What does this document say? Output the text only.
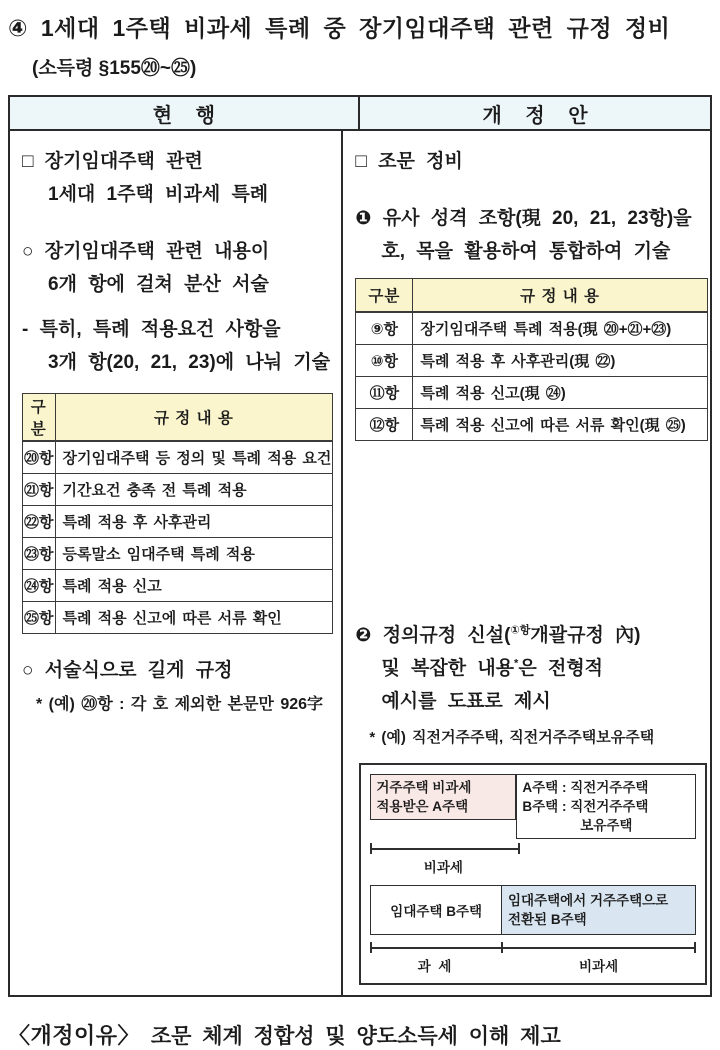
④ 1세대 1주택 비과세 특례 중 장기임대주택 관련 규정 정비
(소득령 §155⑳~㉕)
현 행	개 정 안
□ 장기임대주택 관련
1세대 1주택 비과세 특례
○ 장기임대주택 관련 내용이
6개 항에 걸쳐 분산 서술
- 특히, 특례 적용요건 사항을
3개 항(20, 21, 23)에 나눠 기술
구분	규 정 내 용
⑳항	장기임대주택 등 정의 및 특례 적용 요건
㉑항	기간요건 충족 전 특례 적용
㉒항	특례 적용 후 사후관리
㉓항	등록말소 임대주택 특례 적용
㉔항	특례 적용 신고
㉕항	특례 적용 신고에 따른 서류 확인
○ 서술식으로 길게 규정
* (예) ⑳항 : 각 호 제외한 본문만 926字
□ 조문 정비
❶ 유사 성격 조항(現 20, 21, 23항)을
호, 목을 활용하여 통합하여 기술
구분	규 정 내 용
⑨항	장기임대주택 특례 적용(現 ⑳+㉑+㉓)
⑩항	특례 적용 후 사후관리(現 ㉒)
⑪항	특례 적용 신고(現 ㉔)
⑫항	특례 적용 신고에 따른 서류 확인(現 ㉕)
❷ 정의규정 신설($^{①항}$개괄규정 內)
및 복잡한 내용*은 전형적
예시를 도표로 제시
* (예) 직전거주주택, 직전거주주택보유주택
거주주택 비과세
적용받은 A주택
A주택 : 직전거주주택
B주택 : 직전거주주택
보유주택
비과세
임대주택 B주택
임대주택에서 거주주택으로
전환된 B주택
과 세	비과세
〈개정이유〉 조문 체계 정합성 및 양도소득세 이해 제고
